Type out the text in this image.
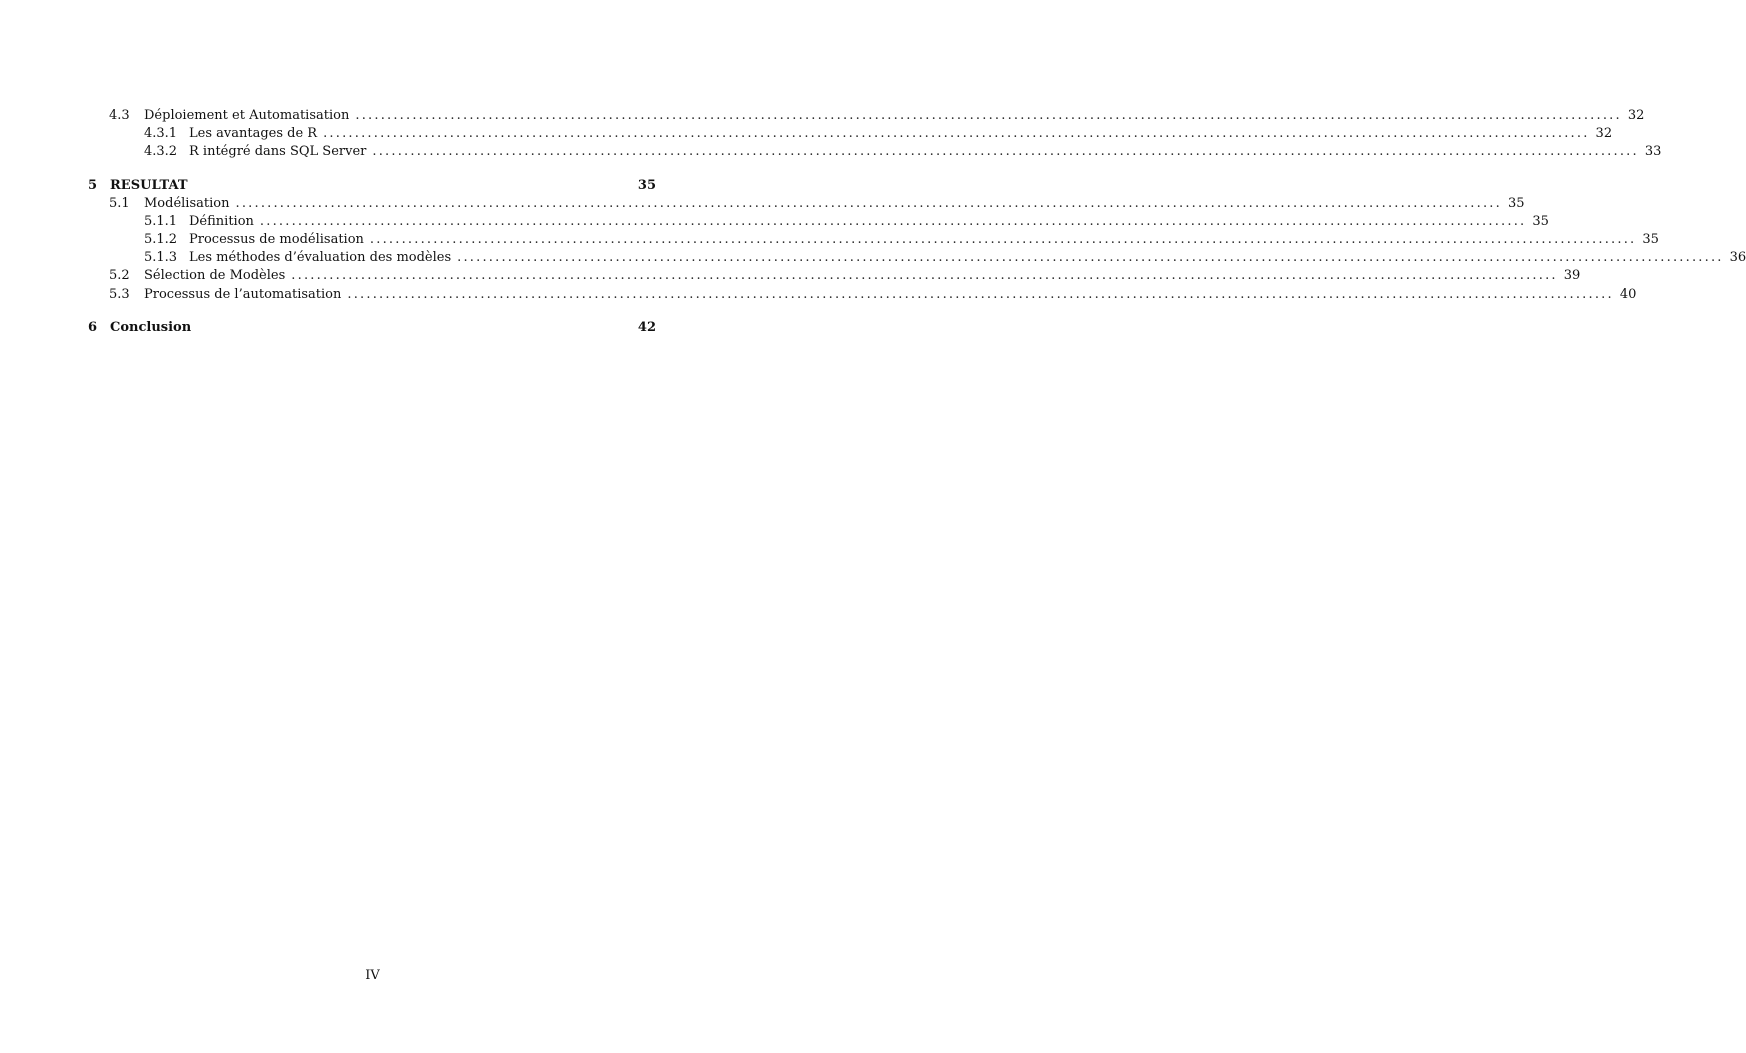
4.3	Déploiement et Automatisation ........................................................................................................................................................................................................ 32
4.3.1 Les avantages de R ........................................................................................................................................................................................................ 32
4.3.2 R intégré dans SQL Server ........................................................................................................................................................................................................ 33
5 RESULTAT	35
5.1	Modélisation ........................................................................................................................................................................................................ 35
5.1.1 Définition ........................................................................................................................................................................................................ 35
5.1.2 Processus de modélisation ........................................................................................................................................................................................................ 35
5.1.3 Les méthodes d’évaluation des modèles ........................................................................................................................................................................................................ 36
5.2	Sélection de Modèles ........................................................................................................................................................................................................ 39
5.3	Processus de l’automatisation ........................................................................................................................................................................................................ 40
6 Conclusion	42
IV
